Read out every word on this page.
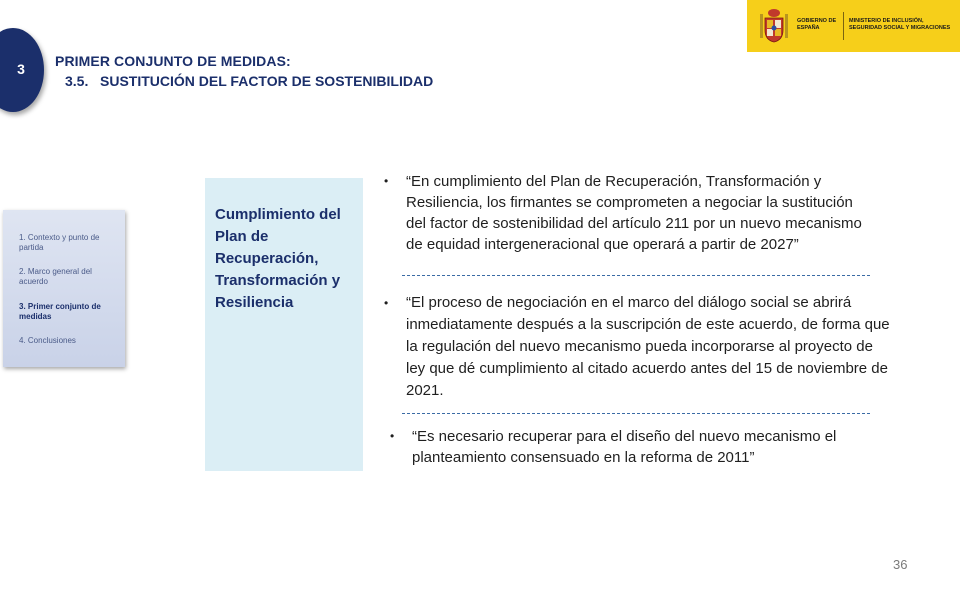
3 PRIMER CONJUNTO DE MEDIDAS:
3.5.   SUSTITUCIÓN DEL FACTOR DE SOSTENIBILIDAD
GOBIERNO DE ESPAÑA
MINISTERIO DE INCLUSIÓN, SEGURIDAD SOCIAL Y MIGRACIONES
1. Contexto y punto de partida
2. Marco general del acuerdo
3. Primer conjunto de medidas
4. Conclusiones
Cumplimiento del Plan de Recuperación, Transformación y Resiliencia
• “En cumplimiento del Plan de Recuperación, Transformación y Resiliencia, los firmantes se comprometen a negociar la sustitución del factor de sostenibilidad del artículo 211 por un nuevo mecanismo de equidad intergeneracional que operará a partir de 2027”
• “El proceso de negociación en el marco del diálogo social se abrirá inmediatamente después a la suscripción de este acuerdo, de forma que la regulación del nuevo mecanismo pueda incorporarse al proyecto de ley que dé cumplimiento al citado acuerdo antes del 15 de noviembre de 2021.
• “Es necesario recuperar para el diseño del nuevo mecanismo el planteamiento consensuado en la reforma de 2011”
36
